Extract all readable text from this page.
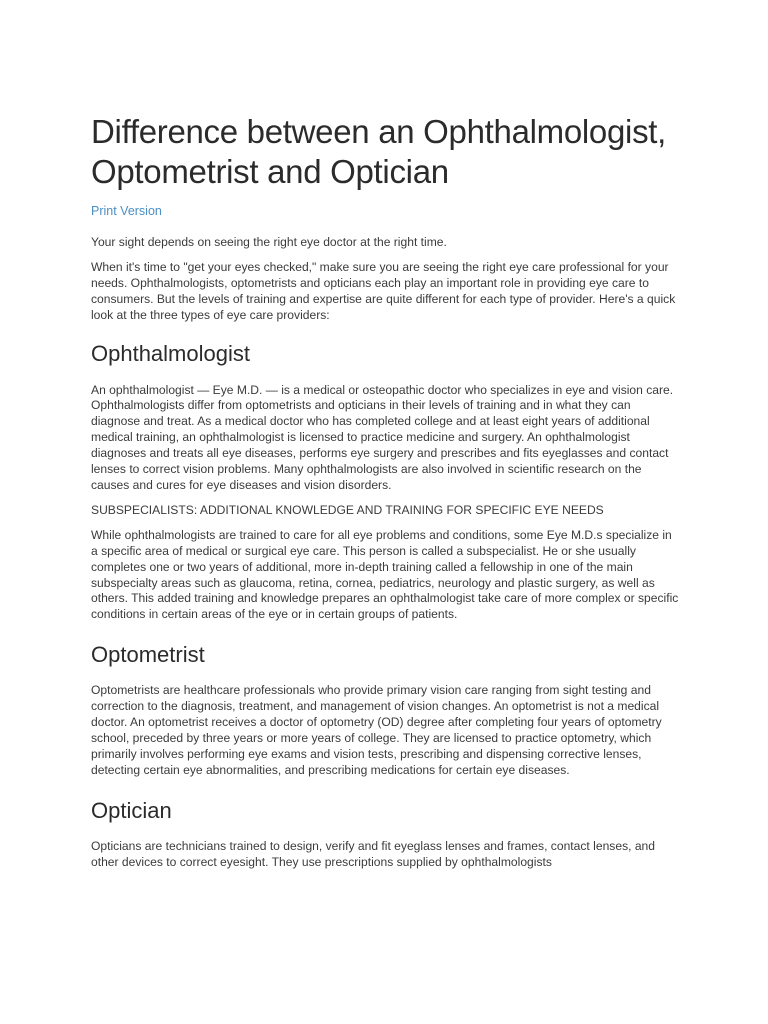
Difference between an Ophthalmologist, Optometrist and Optician
Print Version

Your sight depends on seeing the right eye doctor at the right time.

When it's time to "get your eyes checked," make sure you are seeing the right eye care professional for your needs. Ophthalmologists, optometrists and opticians each play an important role in providing eye care to consumers. But the levels of training and expertise are quite different for each type of provider. Here's a quick look at the three types of eye care providers:

Ophthalmologist

An ophthalmologist — Eye M.D. — is a medical or osteopathic doctor who specializes in eye and vision care. Ophthalmologists differ from optometrists and opticians in their levels of training and in what they can diagnose and treat. As a medical doctor who has completed college and at least eight years of additional medical training, an ophthalmologist is licensed to practice medicine and surgery. An ophthalmologist diagnoses and treats all eye diseases, performs eye surgery and prescribes and fits eyeglasses and contact lenses to correct vision problems. Many ophthalmologists are also involved in scientific research on the causes and cures for eye diseases and vision disorders.

SUBSPECIALISTS: ADDITIONAL KNOWLEDGE AND TRAINING FOR SPECIFIC EYE NEEDS

While ophthalmologists are trained to care for all eye problems and conditions, some Eye M.D.s specialize in a specific area of medical or surgical eye care. This person is called a subspecialist. He or she usually completes one or two years of additional, more in-depth training called a fellowship in one of the main subspecialty areas such as glaucoma, retina, cornea, pediatrics, neurology and plastic surgery, as well as others. This added training and knowledge prepares an ophthalmologist take care of more complex or specific conditions in certain areas of the eye or in certain groups of patients.

Optometrist

Optometrists are healthcare professionals who provide primary vision care ranging from sight testing and correction to the diagnosis, treatment, and management of vision changes. An optometrist is not a medical doctor. An optometrist receives a doctor of optometry (OD) degree after completing four years of optometry school, preceded by three years or more years of college. They are licensed to practice optometry, which primarily involves performing eye exams and vision tests, prescribing and dispensing corrective lenses, detecting certain eye abnormalities, and prescribing medications for certain eye diseases.

Optician

Opticians are technicians trained to design, verify and fit eyeglass lenses and frames, contact lenses, and other devices to correct eyesight. They use prescriptions supplied by ophthalmologists
